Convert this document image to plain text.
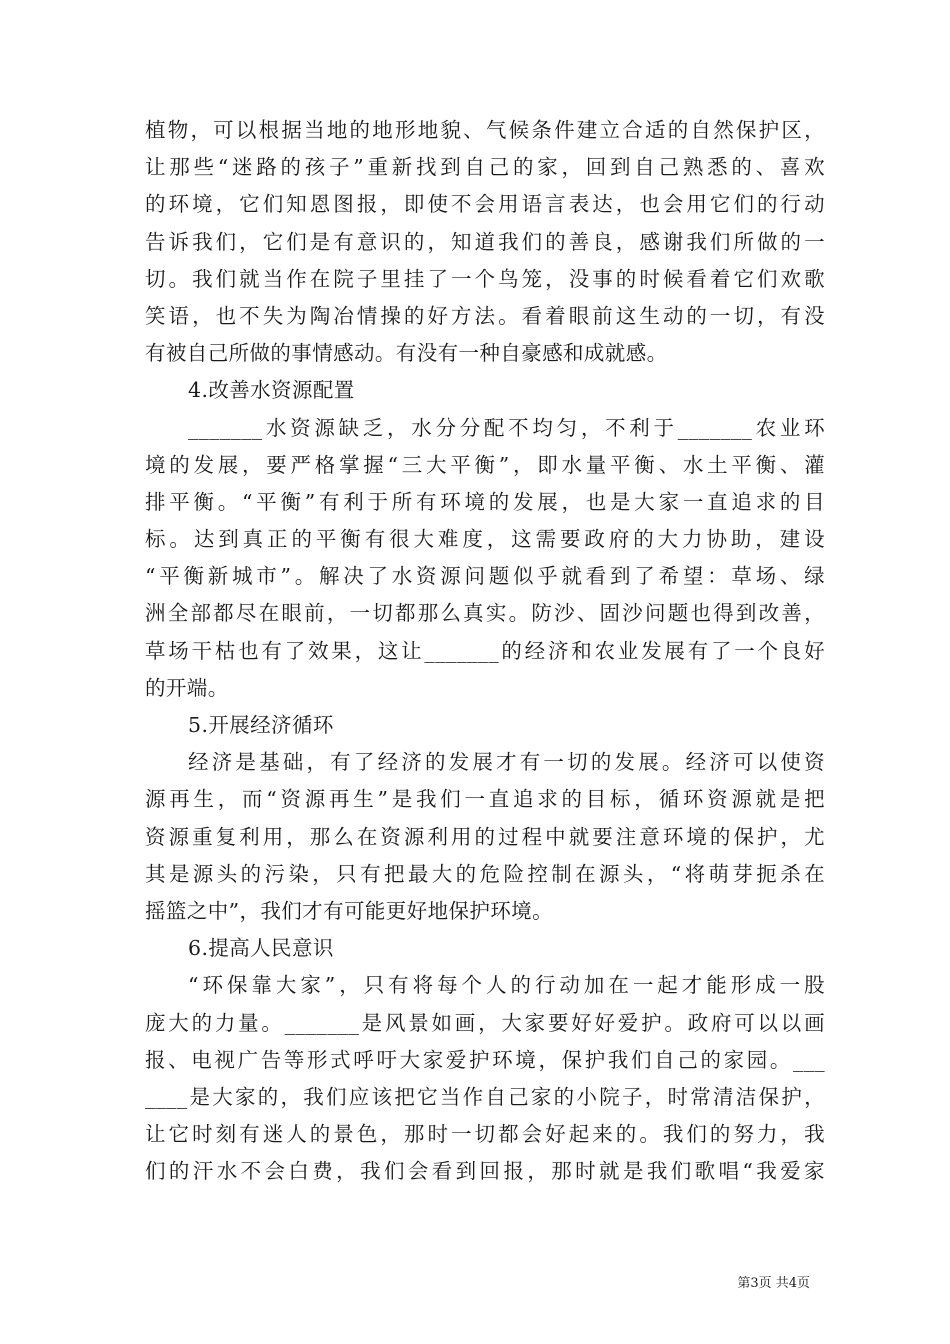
植物，可以根据当地的地形地貌、气候条件建立合适的自然保护区，
让那些“迷路的孩子”重新找到自己的家，回到自己熟悉的、喜欢
的环境，它们知恩图报，即使不会用语言表达，也会用它们的行动
告诉我们，它们是有意识的，知道我们的善良，感谢我们所做的一
切。我们就当作在院子里挂了一个鸟笼，没事的时候看着它们欢歌
笑语，也不失为陶冶情操的好方法。看着眼前这生动的一切，有没
有被自己所做的事情感动。有没有一种自豪感和成就感。
4.改善水资源配置
_______水资源缺乏，水分分配不均匀，不利于_______农业环
境的发展，要严格掌握“三大平衡”，即水量平衡、水土平衡、灌
排平衡。“平衡”有利于所有环境的发展，也是大家一直追求的目
标。达到真正的平衡有很大难度，这需要政府的大力协助，建设
“平衡新城市”。解决了水资源问题似乎就看到了希望：草场、绿
洲全部都尽在眼前，一切都那么真实。防沙、固沙问题也得到改善，
草场干枯也有了效果，这让_______的经济和农业发展有了一个良好
的开端。
5.开展经济循环
经济是基础，有了经济的发展才有一切的发展。经济可以使资
源再生，而“资源再生”是我们一直追求的目标，循环资源就是把
资源重复利用，那么在资源利用的过程中就要注意环境的保护，尤
其是源头的污染，只有把最大的危险控制在源头，“将萌芽扼杀在
摇篮之中”，我们才有可能更好地保护环境。
6.提高人民意识
“环保靠大家”，只有将每个人的行动加在一起才能形成一股
庞大的力量。_______是风景如画，大家要好好爱护。政府可以以画
报、电视广告等形式呼吁大家爱护环境，保护我们自己的家园。___
____是大家的，我们应该把它当作自己家的小院子，时常清洁保护，
让它时刻有迷人的景色，那时一切都会好起来的。我们的努力，我
们的汗水不会白费，我们会看到回报，那时就是我们歌唱“我爱家
第3页 共4页
